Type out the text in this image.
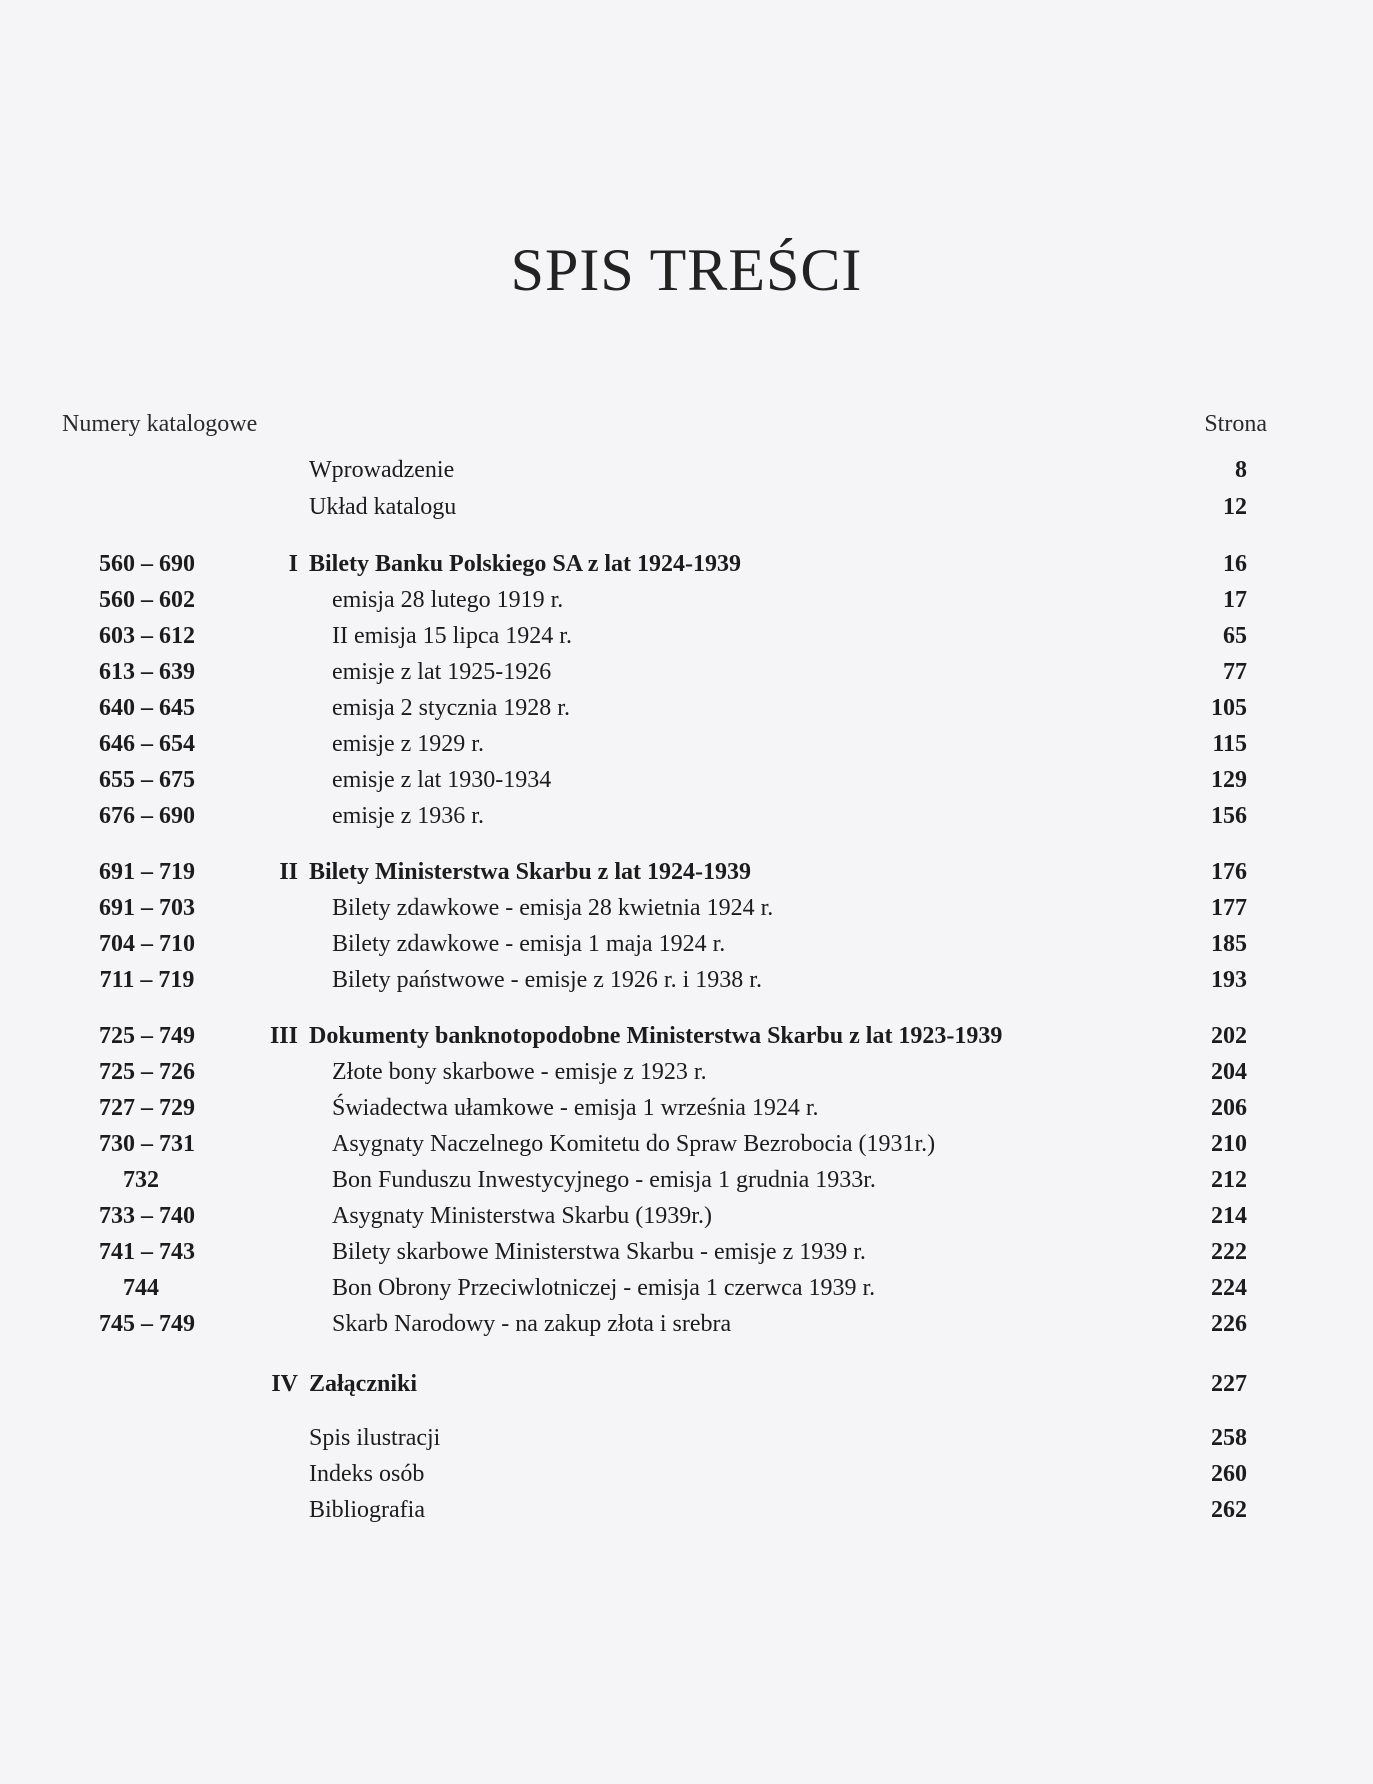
SPIS TREŚCI
Numery katalogowe	Strona
Wprowadzenie	8
Układ katalogu	12
560 – 690	I Bilety Banku Polskiego SA z lat 1924-1939	16
560 – 602	emisja 28 lutego 1919 r.	17
603 – 612	II emisja 15 lipca 1924 r.	65
613 – 639	emisje z lat 1925-1926	77
640 – 645	emisja 2 stycznia 1928 r.	105
646 – 654	emisje z 1929 r.	115
655 – 675	emisje z lat 1930-1934	129
676 – 690	emisje z 1936 r.	156
691 – 719	II Bilety Ministerstwa Skarbu z lat 1924-1939	176
691 – 703	Bilety zdawkowe - emisja 28 kwietnia 1924 r.	177
704 – 710	Bilety zdawkowe - emisja 1 maja 1924 r.	185
711 – 719	Bilety państwowe - emisje z 1926 r. i 1938 r.	193
725 – 749	III Dokumenty banknotopodobne Ministerstwa Skarbu z lat 1923-1939	202
725 – 726	Złote bony skarbowe - emisje z 1923 r.	204
727 – 729	Świadectwa ułamkowe - emisja 1 września 1924 r.	206
730 – 731	Asygnaty Naczelnego Komitetu do Spraw Bezrobocia (1931r.)	210
732	Bon Funduszu Inwestycyjnego - emisja 1 grudnia 1933r.	212
733 – 740	Asygnaty Ministerstwa Skarbu (1939r.)	214
741 – 743	Bilety skarbowe Ministerstwa Skarbu - emisje z 1939 r.	222
744	Bon Obrony Przeciwlotniczej - emisja 1 czerwca 1939 r.	224
745 – 749	Skarb Narodowy - na zakup złota i srebra	226
IV Załączniki	227
Spis ilustracji	258
Indeks osób	260
Bibliografia	262
